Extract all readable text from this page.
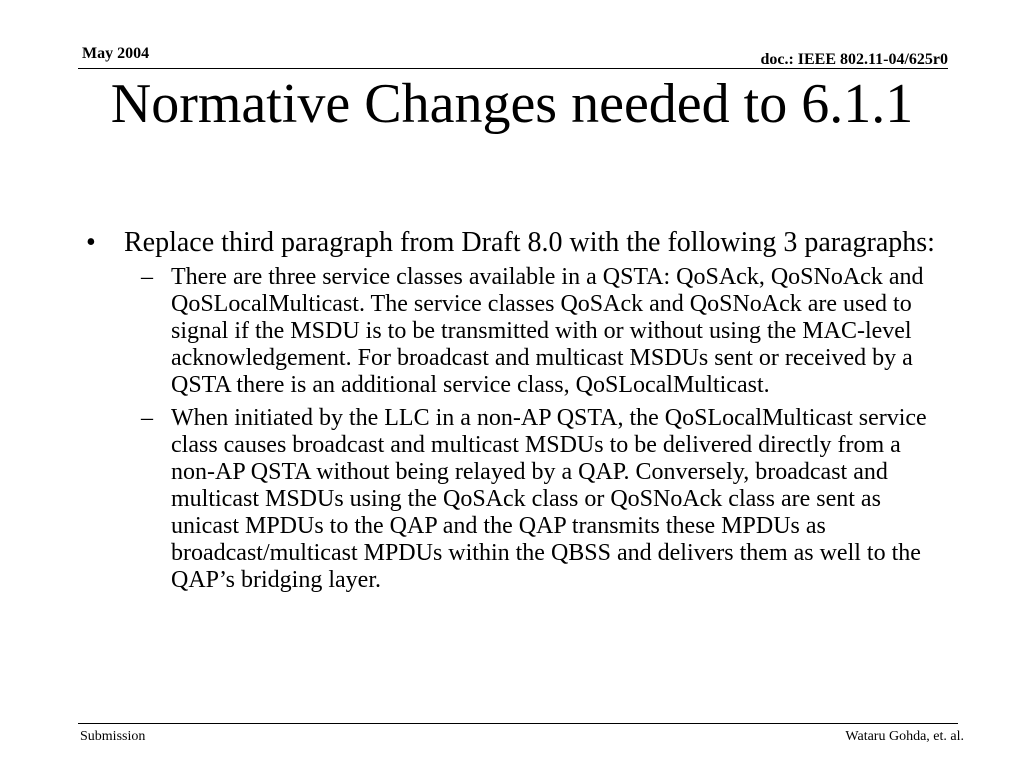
May 2004	doc.: IEEE 802.11-04/625r0
Normative Changes needed to 6.1.1
• Replace third paragraph from Draft 8.0 with the following 3 paragraphs:
– There are three service classes available in a QSTA: QoSAck, QoSNoAck and QoSLocalMulticast. The service classes QoSAck and QoSNoAck are used to signal if the MSDU is to be transmitted with or without using the MAC-level acknowledgement. For broadcast and multicast MSDUs sent or received by a QSTA there is an additional service class, QoSLocalMulticast.
– When initiated by the LLC in a non-AP QSTA, the QoSLocalMulticast service class causes broadcast and multicast MSDUs to be delivered directly from a non-AP QSTA without being relayed by a QAP. Conversely, broadcast and multicast MSDUs using the QoSAck class or QoSNoAck class are sent as unicast MPDUs to the QAP and the QAP transmits these MPDUs as broadcast/multicast MPDUs within the QBSS and delivers them as well to the QAP’s bridging layer.
Submission	Wataru Gohda, et. al.
